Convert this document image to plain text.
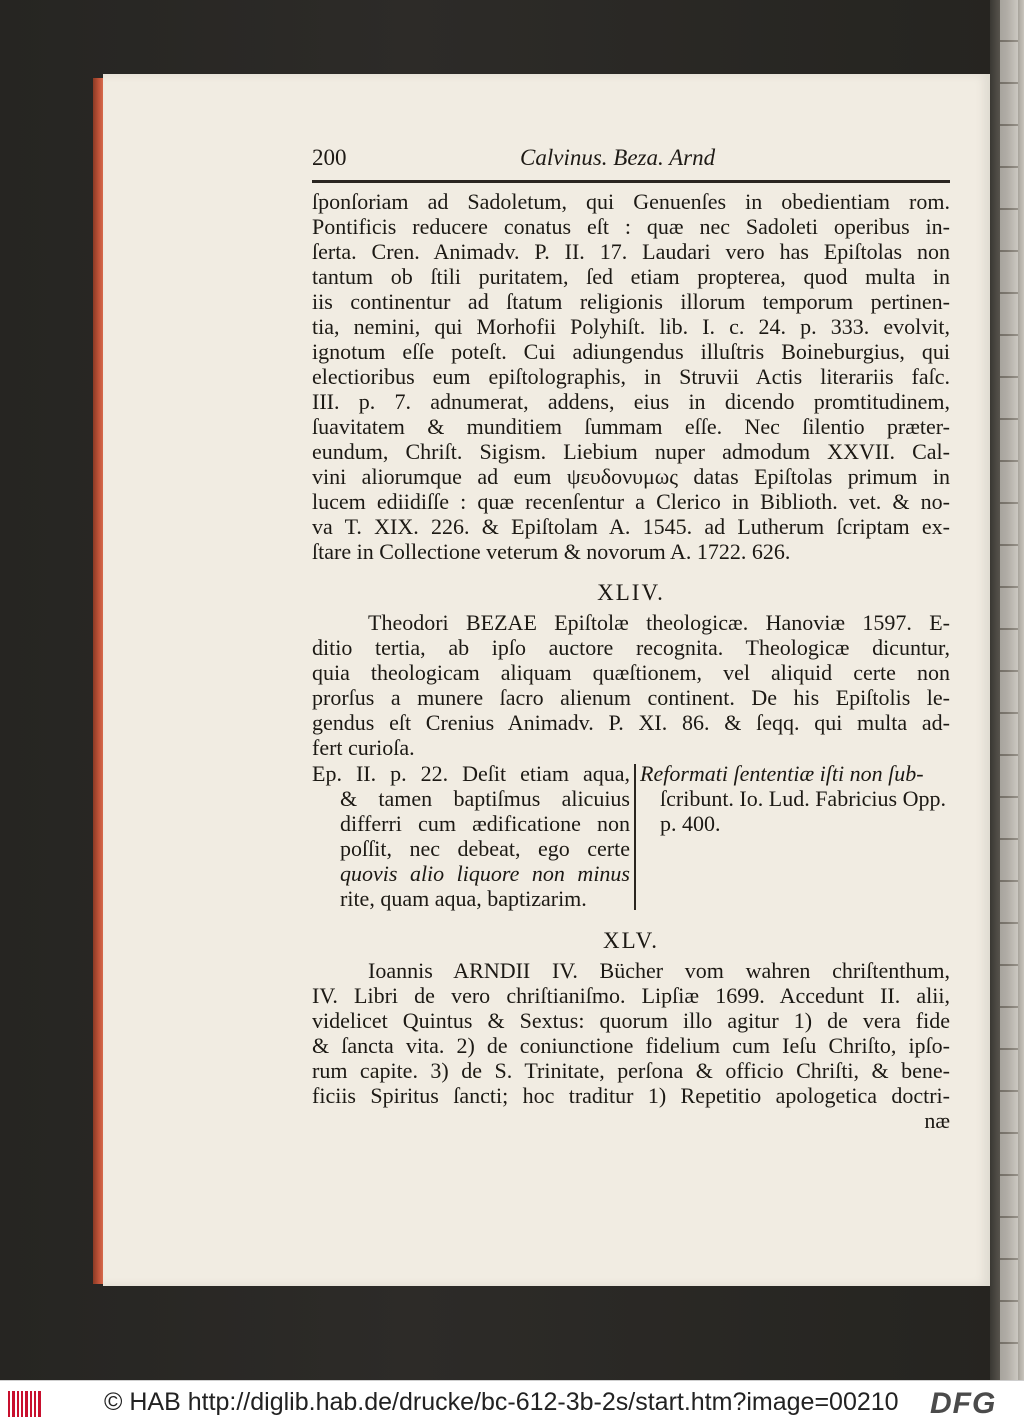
200	Calvinus. Beza. Arnd
ſponſoriam ad Sadoletum, qui Genuenſes in obedientiam rom.
Pontificis reducere conatus eſt : quæ nec Sadoleti operibus in-
ſerta. Cren. Animadv. P. II. 17. Laudari vero has Epiſtolas non
tantum ob ſtili puritatem, ſed etiam propterea, quod multa in
iis continentur ad ſtatum religionis illorum temporum pertinen-
tia, nemini, qui Morhofii Polyhiſt. lib. I. c. 24. p. 333. evolvit,
ignotum eſſe poteſt. Cui adiungendus illuſtris Boineburgius, qui
electioribus eum epiſtolographis, in Struvii Actis literariis faſc.
III. p. 7. adnumerat, addens, eius in dicendo promtitudinem,
ſuavitatem & munditiem ſummam eſſe. Nec ſilentio præter-
eundum, Chriſt. Sigism. Liebium nuper admodum XXVII. Cal-
vini aliorumque ad eum ψευδονυμως datas Epiſtolas primum in
lucem ediidiſſe : quæ recenſentur a Clerico in Biblioth. vet. & no-
va T. XIX. 226. & Epiſtolam A. 1545. ad Lutherum ſcriptam ex-
ſtare in Collectione veterum & novorum A. 1722. 626.
XLIV.
Theodori BEZAE Epiſtolæ theologicæ. Hanoviæ 1597. E-
ditio tertia, ab ipſo auctore recognita. Theologicæ dicuntur,
quia theologicam aliquam quæſtionem, vel aliquid certe non
prorſus a munere ſacro alienum continent. De his Epiſtolis le-
gendus eſt Crenius Animadv. P. XI. 86. & ſeqq. qui multa ad-
fert curioſa.
Ep. II. p. 22. Deſit etiam aqua,
& tamen baptiſmus alicuius
differri cum ædificatione non
poſſit, nec debeat, ego certe
quovis alio liquore non minus
rite, quam aqua, baptizarim.
Reformati ſententiæ iſti non ſub-
ſcribunt. Io. Lud. Fabricius Opp.
p. 400.
XLV.
Ioannis ARNDII IV. Bücher vom wahren chriſtenthum,
IV. Libri de vero chriſtianiſmo. Lipſiæ 1699. Accedunt II. alii,
videlicet Quintus & Sextus: quorum illo agitur 1) de vera fide
& ſancta vita. 2) de coniunctione fidelium cum Ieſu Chriſto, ipſo-
rum capite. 3) de S. Trinitate, perſona & officio Chriſti, & bene-
ficiis Spiritus ſancti; hoc traditur 1) Repetitio apologetica doctri-
næ
© HAB http://diglib.hab.de/drucke/bc-612-3b-2s/start.htm?image=00210 DFG
